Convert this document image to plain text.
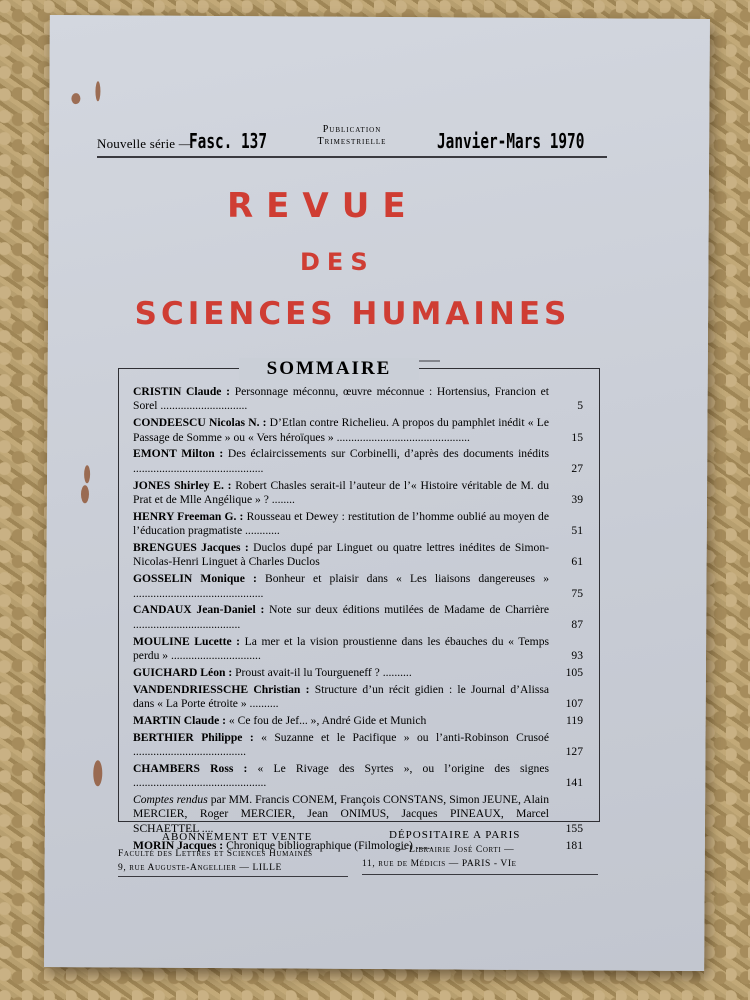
Nouvelle série —
Fasc. 137	Publication
Trimestrielle	Janvier-Mars 1970
REVUE
DES
SCIENCES HUMAINES
SOMMAIRE
CRISTIN Claude : Personnage méconnu, œuvre méconnue : Hortensius, Francion et Sorel ..............................	5
CONDEESCU Nicolas N. : D’Etlan contre Richelieu. A propos du pamphlet inédit « Le Passage de Somme » ou « Vers héroïques » ..............................................	15
EMONT Milton : Des éclaircissements sur Corbinelli, d’après des documents inédits .............................................	27
JONES Shirley E. : Robert Chasles serait-il l’auteur de l’« Histoire véritable de M. du Prat et de Mlle Angélique » ? ........	39
HENRY Freeman G. : Rousseau et Dewey : restitution de l’homme oublié au moyen de l’éducation pragmatiste ............	51
BRENGUES Jacques : Duclos dupé par Linguet ou quatre lettres inédites de Simon-Nicolas-Henri Linguet à Charles Duclos	61
GOSSELIN Monique : Bonheur et plaisir dans « Les liaisons dangereuses » .............................................	75
CANDAUX Jean-Daniel : Note sur deux éditions mutilées de Madame de Charrière .....................................	87
MOULINE Lucette : La mer et la vision proustienne dans les ébauches du « Temps perdu » ...............................	93
GUICHARD Léon : Proust avait-il lu Tourgueneff ? ..........	105
VANDENDRIESSCHE Christian : Structure d’un récit gidien : le Journal d’Alissa dans « La Porte étroite » ..........	107
MARTIN Claude : « Ce fou de Jef... », André Gide et Munich	119
BERTHIER Philippe : « Suzanne et le Pacifique » ou l’anti-Robinson Crusoé .......................................	127
CHAMBERS Ross : « Le Rivage des Syrtes », ou l’origine des signes ..............................................	141
Comptes rendus par MM. Francis CONEM, François CONSTANS, Simon JEUNE, Alain MERCIER, Roger MERCIER, Jean ONIMUS, Jacques PINEAUX, Marcel SCHAETTEL ....	155
MORIN Jacques : Chronique bibliographique (Filmologie) ......	181
ABONNEMENT ET VENTE
Faculté des Lettres et Sciences Humaines
9, rue Auguste-Angellier — LILLE
DÉPOSITAIRE A PARIS
— Librairie José Corti —
11, rue de Médicis — PARIS - VIe
